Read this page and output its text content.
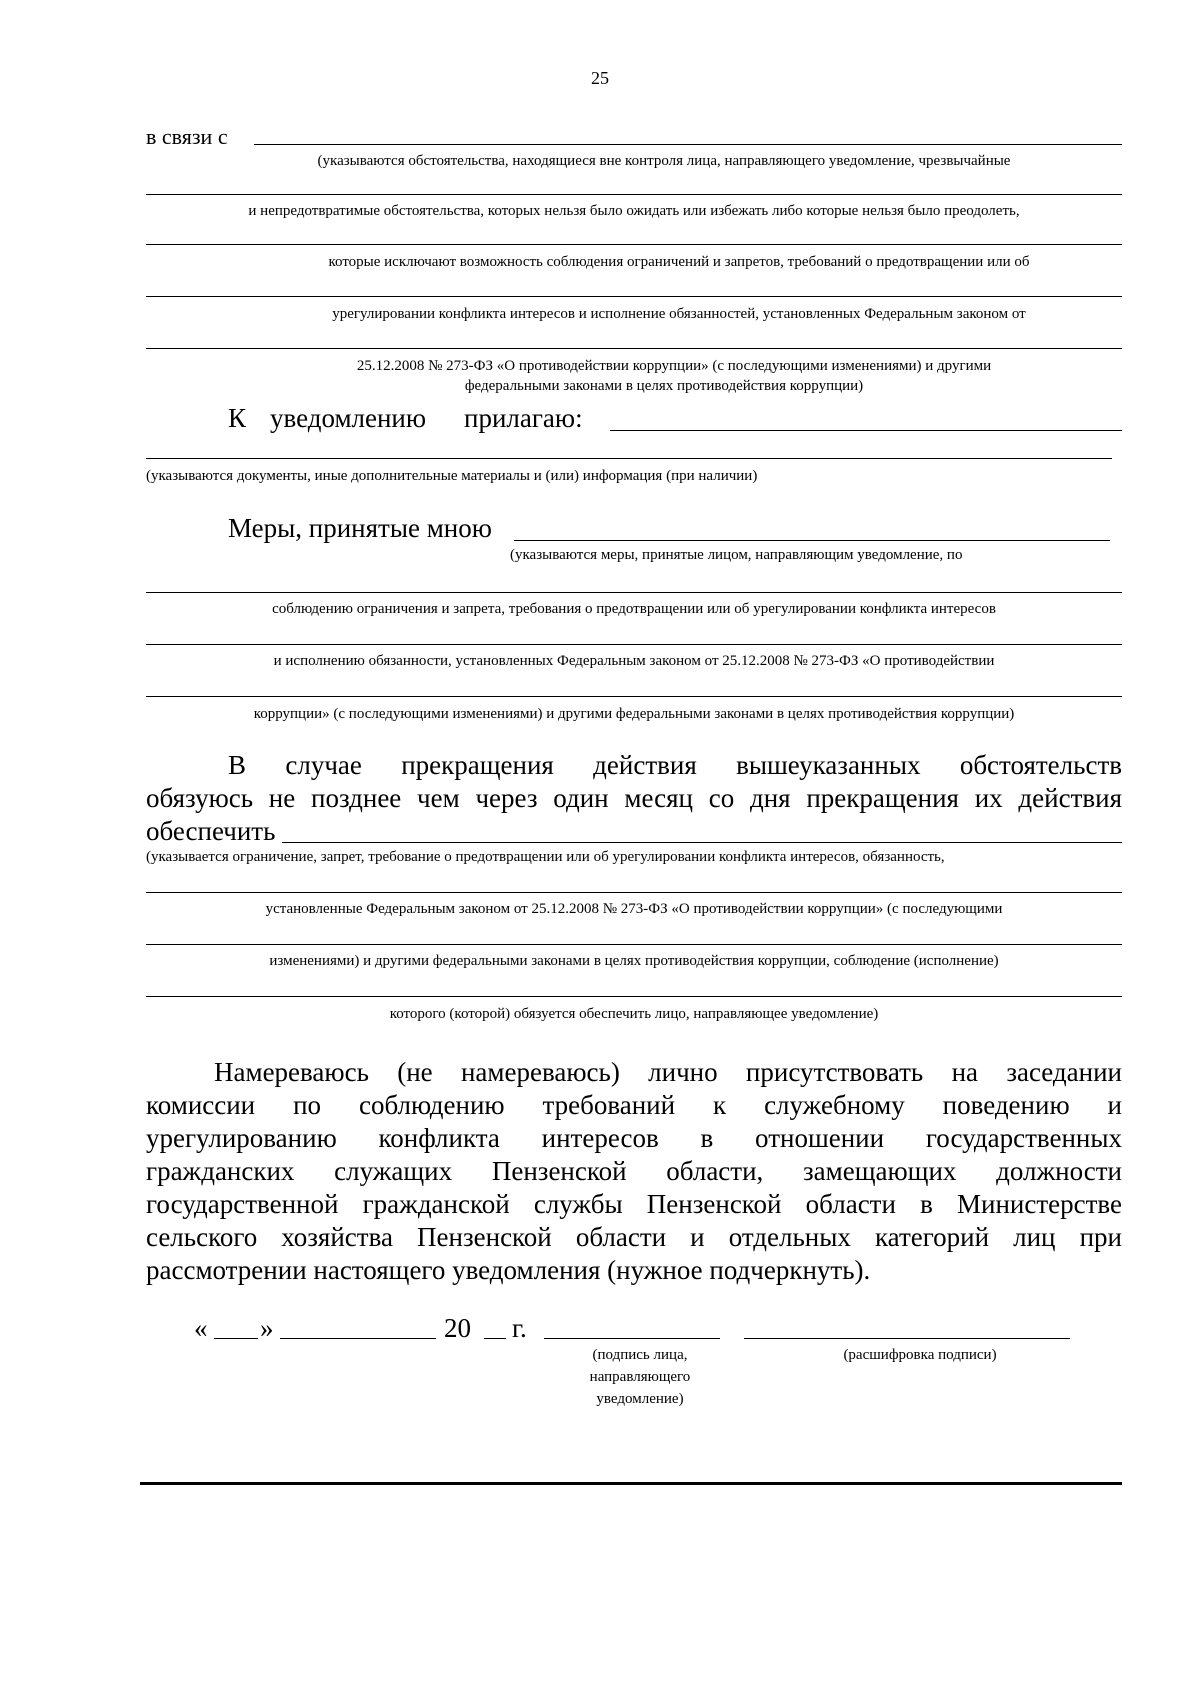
25
в связи с
(указываются обстоятельства, находящиеся вне контроля лица, направляющего уведомление, чрезвычайные
и непредотвратимые обстоятельства, которых нельзя было ожидать или избежать либо которые нельзя было преодолеть,
которые исключают возможность соблюдения ограничений и запретов, требований о предотвращении или об
урегулировании конфликта интересов и исполнение обязанностей, установленных Федеральным законом от
25.12.2008 № 273-ФЗ «О противодействии коррупции» (с последующими изменениями) и другими
федеральными законами в целях противодействия коррупции)
К уведомлению прилагаю:
(указываются документы, иные дополнительные материалы и (или) информация (при наличии)
Меры, принятые мною
(указываются меры, принятые лицом, направляющим уведомление, по
соблюдению ограничения и запрета, требования о предотвращении или об урегулировании конфликта интересов
и исполнению обязанности, установленных Федеральным законом от 25.12.2008 № 273-ФЗ «О противодействии
коррупции» (с последующими изменениями) и другими федеральными законами в целях противодействия коррупции)
В случае прекращения действия вышеуказанных обстоятельств
обязуюсь не позднее чем через один месяц со дня прекращения их действия
обеспечить
(указывается ограничение, запрет, требование о предотвращении или об урегулировании конфликта интересов, обязанность,
установленные Федеральным законом от 25.12.2008 № 273-ФЗ «О противодействии коррупции» (с последующими
изменениями) и другими федеральными законами в целях противодействия коррупции, соблюдение (исполнение)
которого (которой) обязуется обеспечить лицо, направляющее уведомление)
Намереваюсь (не намереваюсь) лично присутствовать на заседании
комиссии по соблюдению требований к служебному поведению и
урегулированию конфликта интересов в отношении государственных
гражданских служащих Пензенской области, замещающих должности
государственной гражданской службы Пензенской области в Министерстве
сельского хозяйства Пензенской области и отдельных категорий лиц при
рассмотрении настоящего уведомления (нужное подчеркнуть).
« »	20 г.
(подпись лица,
направляющего
уведомление)
(расшифровка подписи)
